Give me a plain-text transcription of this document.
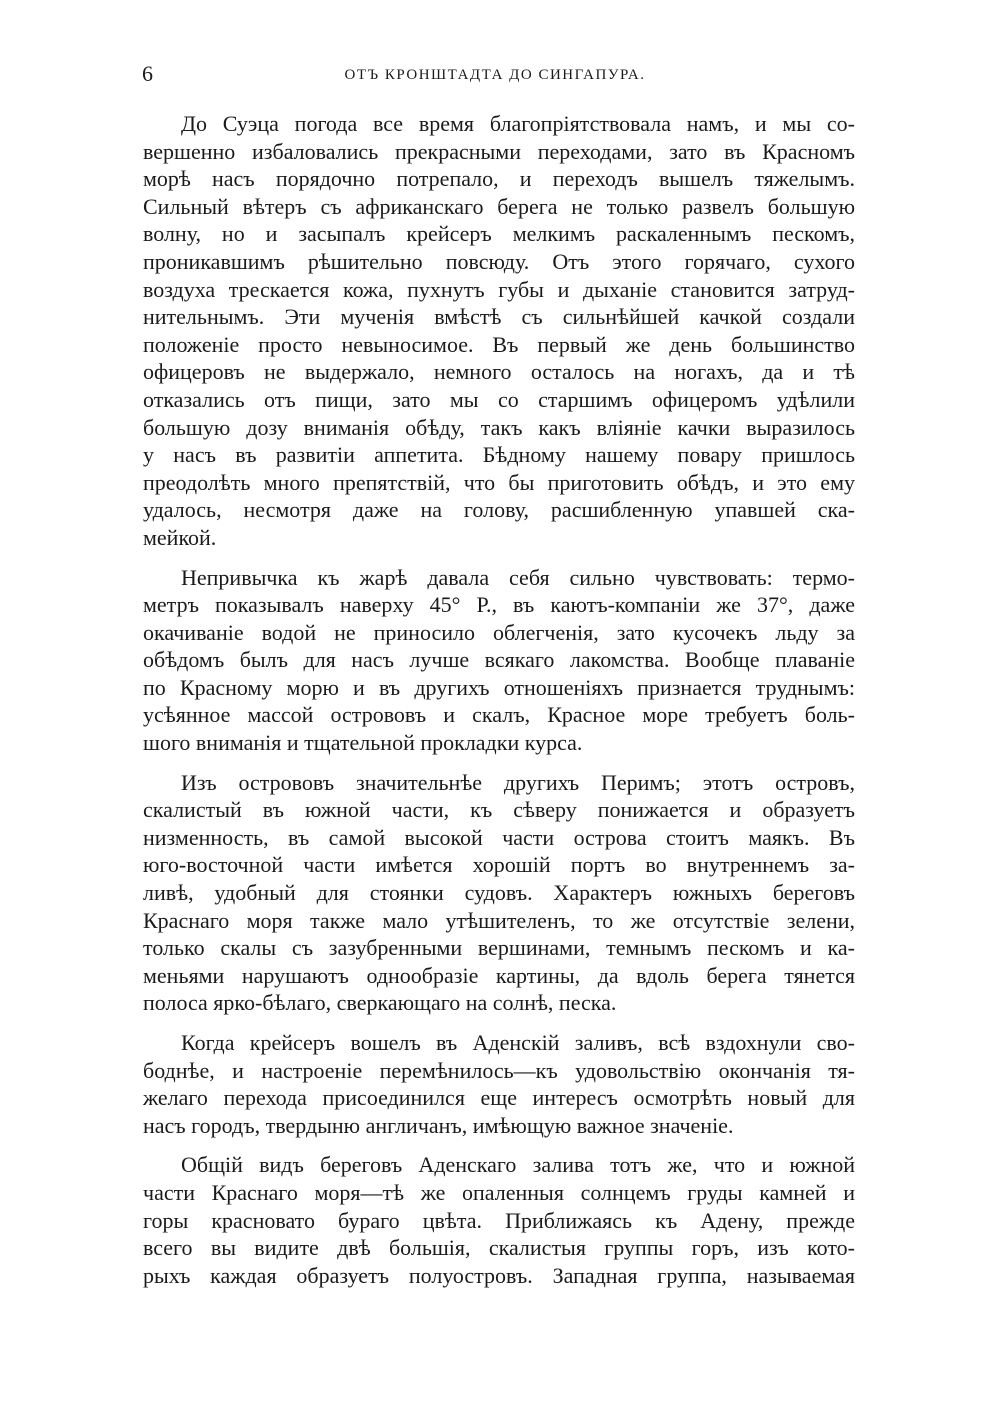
6	ОТЪ КРОНШТАДТА ДО СИНГАПУРА.
До Суэца погода все время благопріятствовала намъ, и мы со-
вершенно избаловались прекрасными переходами, зато въ Красномъ
морѣ насъ порядочно потрепало, и переходъ вышелъ тяжелымъ.
Сильный вѣтеръ съ африканскаго берега не только развелъ большую
волну, но и засыпалъ крейсеръ мелкимъ раскаленнымъ пескомъ,
проникавшимъ рѣшительно повсюду. Отъ этого горячаго, сухого
воздуха трескается кожа, пухнутъ губы и дыханіе становится затруд-
нительнымъ. Эти мученія вмѣстѣ съ сильнѣйшей качкой создали
положеніе просто невыносимое. Въ первый же день большинство
офицеровъ не выдержало, немного осталось на ногахъ, да и тѣ
отказались отъ пищи, зато мы со старшимъ офицеромъ удѣлили
большую дозу вниманія обѣду, такъ какъ вліяніе качки выразилось
у насъ въ развитіи аппетита. Бѣдному нашему повару пришлось
преодолѣть много препятствій, что бы приготовить обѣдъ, и это ему
удалось, несмотря даже на голову, расшибленную упавшей ска-
мейкой.
Непривычка къ жарѣ давала себя сильно чувствовать: термо-
метръ показывалъ наверху 45° Р., въ каютъ-компаніи же 37°, даже
окачиваніе водой не приносило облегченія, зато кусочекъ льду за
обѣдомъ былъ для насъ лучше всякаго лакомства. Вообще плаваніе
по Красному морю и въ другихъ отношеніяхъ признается труднымъ:
усѣянное массой острововъ и скалъ, Красное море требуетъ боль-
шого вниманія и тщательной прокладки курса.
Изъ острововъ значительнѣе другихъ Перимъ; этотъ островъ,
скалистый въ южной части, къ сѣверу понижается и образуетъ
низменность, въ самой высокой части острова стоитъ маякъ. Въ
юго-восточной части имѣется хорошій портъ во внутреннемъ за-
ливѣ, удобный для стоянки судовъ. Характеръ южныхъ береговъ
Краснаго моря также мало утѣшителенъ, то же отсутствіе зелени,
только скалы съ зазубренными вершинами, темнымъ пескомъ и ка-
меньями нарушаютъ однообразіе картины, да вдоль берега тянется
полоса ярко-бѣлаго, сверкающаго на солнѣ, песка.
Когда крейсеръ вошелъ въ Аденскій заливъ, всѣ вздохнули сво-
боднѣе, и настроеніе перемѣнилось—къ удовольствію окончанія тя-
желаго перехода присоединился еще интересъ осмотрѣть новый для
насъ городъ, твердыню англичанъ, имѣющую важное значеніе.
Общій видъ береговъ Аденскаго залива тотъ же, что и южной
части Краснаго моря—тѣ же опаленныя солнцемъ груды камней и
горы красновато бураго цвѣта. Приближаясь къ Адену, прежде
всего вы видите двѣ большія, скалистыя группы горъ, изъ кото-
рыхъ каждая образуетъ полуостровъ. Западная группа, называемая
